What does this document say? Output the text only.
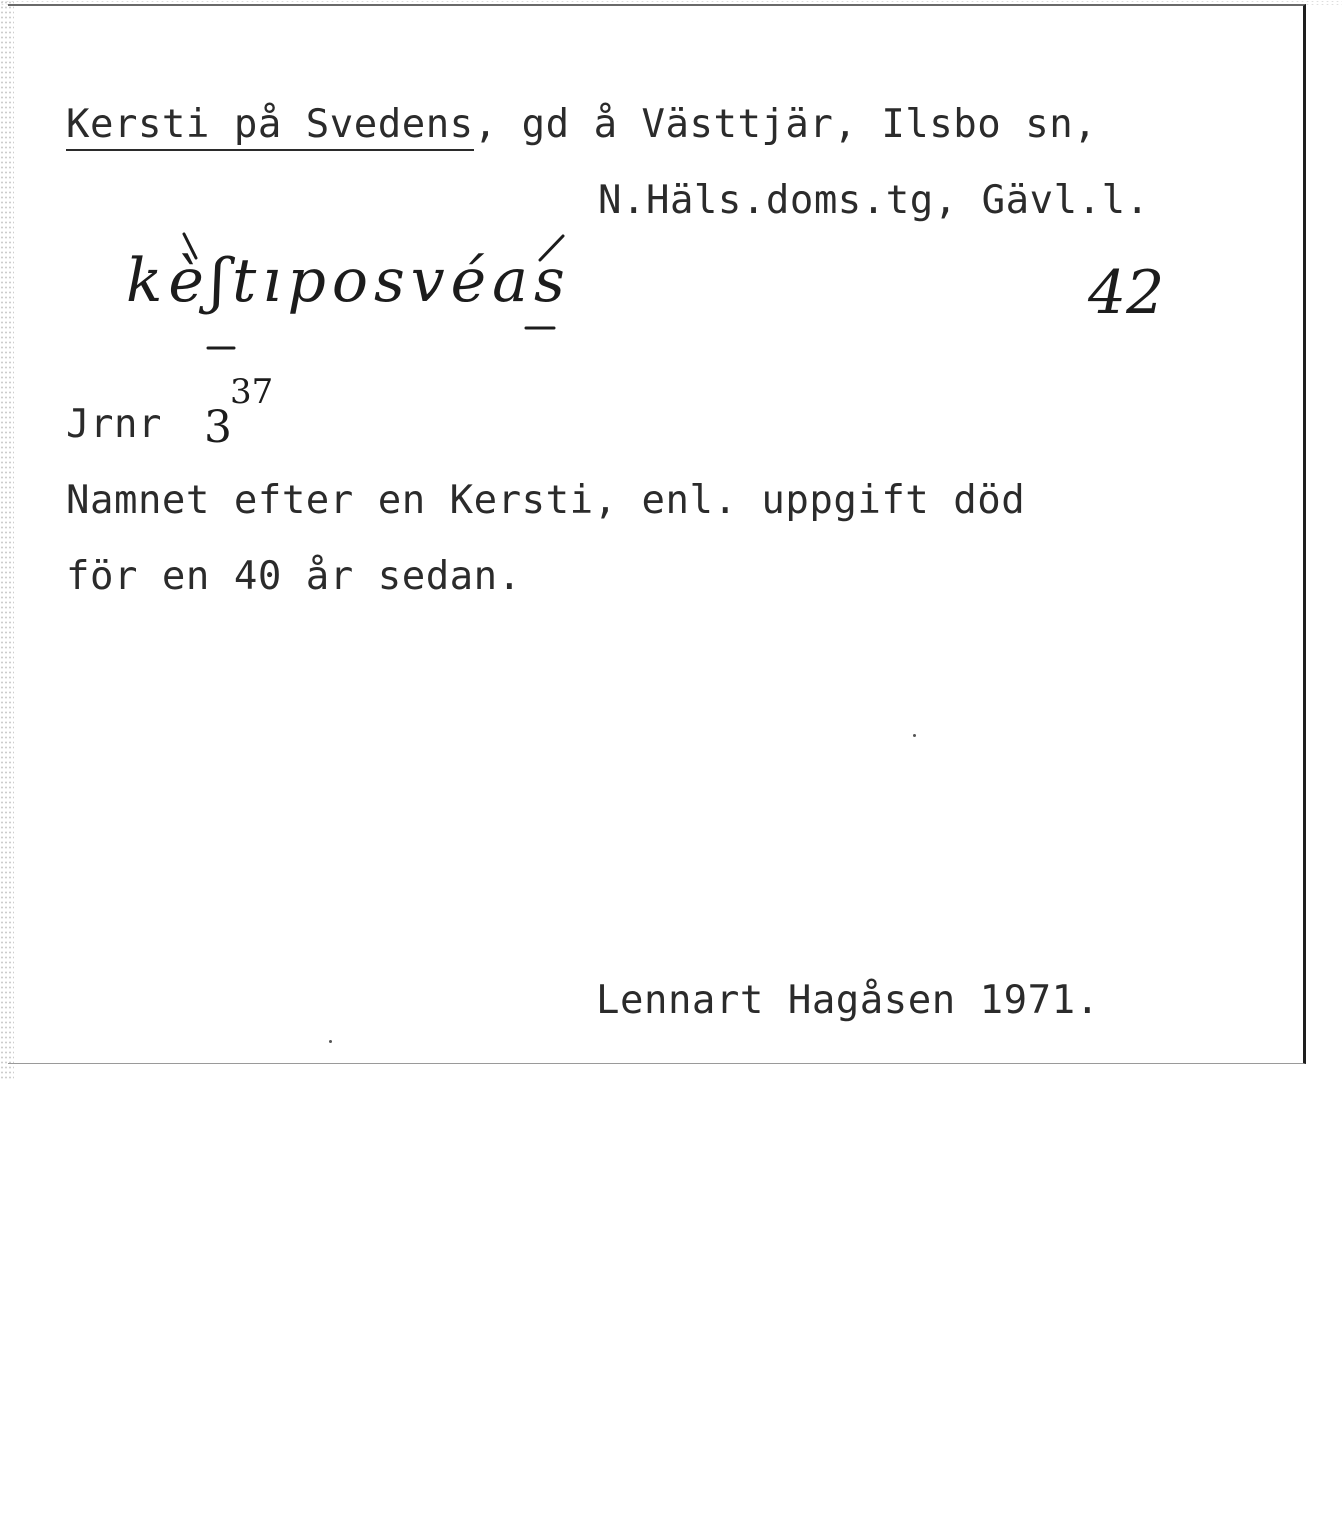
Kersti på Svedens, gd å Västtjär, Ilsbo sn,
N.Häls.doms.tg, Gävl.l.
kèʃtıposvéas	42
Jrnr 3
37
Namnet efter en Kersti, enl. uppgift död
för en 40 år sedan.
Lennart Hagåsen 1971.
